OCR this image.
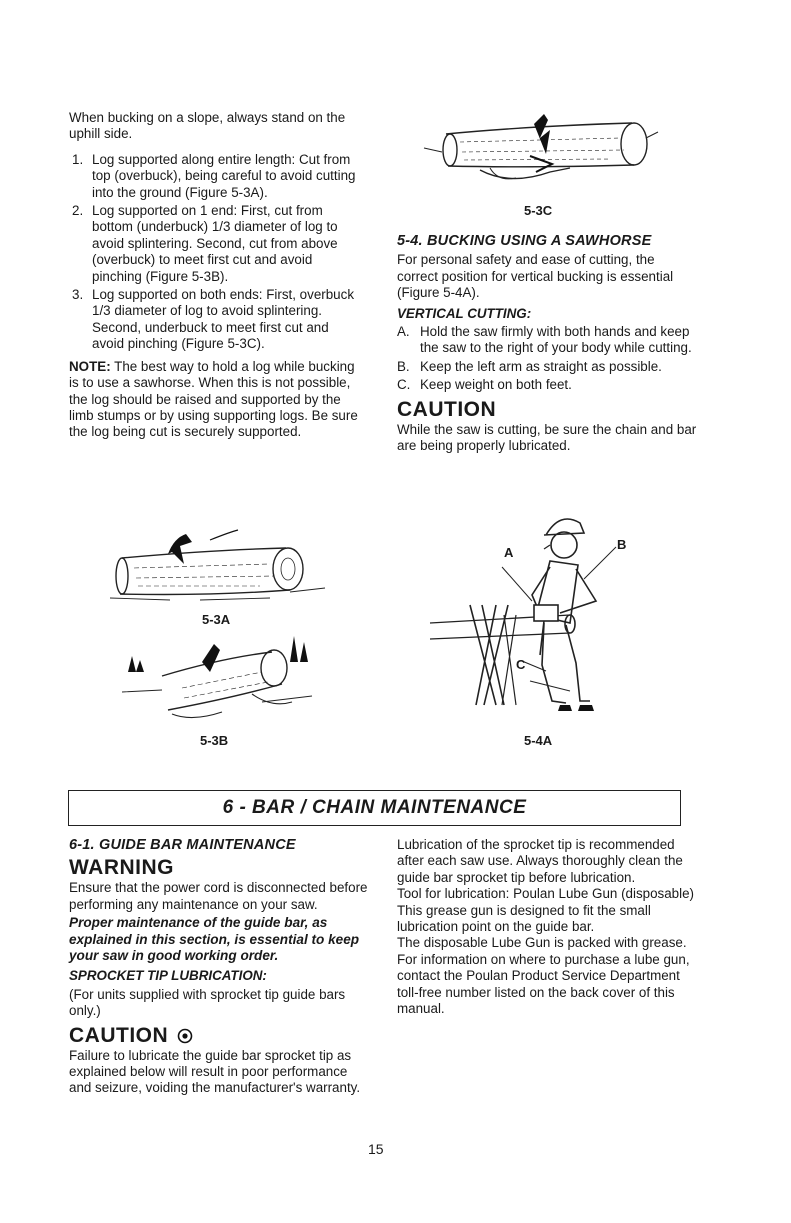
When bucking on a slope, always stand on the uphill side.

1. Log supported along entire length: Cut from top (overbuck), being careful to avoid cutting into the ground (Figure 5-3A).
2. Log supported on 1 end: First, cut from bottom (underbuck) 1/3 diameter of log to avoid splintering. Second, cut from above (overbuck) to meet first cut and avoid pinching (Figure 5-3B).
3. Log supported on both ends: First, overbuck 1/3 diameter of log to avoid splintering. Second, underbuck to meet first cut and avoid pinching (Figure 5-3C).

NOTE: The best way to hold a log while bucking is to use a sawhorse. When this is not possible, the log should be raised and supported by the limb stumps or by using supporting logs. Be sure the log being cut is securely supported.

5-4. BUCKING USING A SAWHORSE

For personal safety and ease of cutting, the correct position for vertical bucking is essential (Figure 5-4A).

VERTICAL CUTTING:

A. Hold the saw firmly with both hands and keep the saw to the right of your body while cutting.
B. Keep the left arm as straight as possible.
C. Keep weight on both feet.

CAUTION

While the saw is cutting, be sure the chain and bar are being properly lubricated.

5-3C
5-3A
5-3B
A
B
C
5-4A
6 - BAR / CHAIN MAINTENANCE

6-1. GUIDE BAR MAINTENANCE

WARNING

Ensure that the power cord is disconnected before performing any maintenance on your saw.

Proper maintenance of the guide bar, as explained in this section, is essential to keep your saw in good working order.

SPROCKET TIP LUBRICATION:

(For units supplied with sprocket tip guide bars only.)

CAUTION

Failure to lubricate the guide bar sprocket tip as explained below will result in poor performance and seizure, voiding the manufacturer's warranty.

Lubrication of the sprocket tip is recommended after each saw use. Always thoroughly clean the guide bar sprocket tip before lubrication.

Tool for lubrication: Poulan Lube Gun (disposable)

This grease gun is designed to fit the small lubrication point on the guide bar.

The disposable Lube Gun is packed with grease. For information on where to purchase a lube gun, contact the Poulan Product Service Department toll-free number listed on the back cover of this manual.

15
